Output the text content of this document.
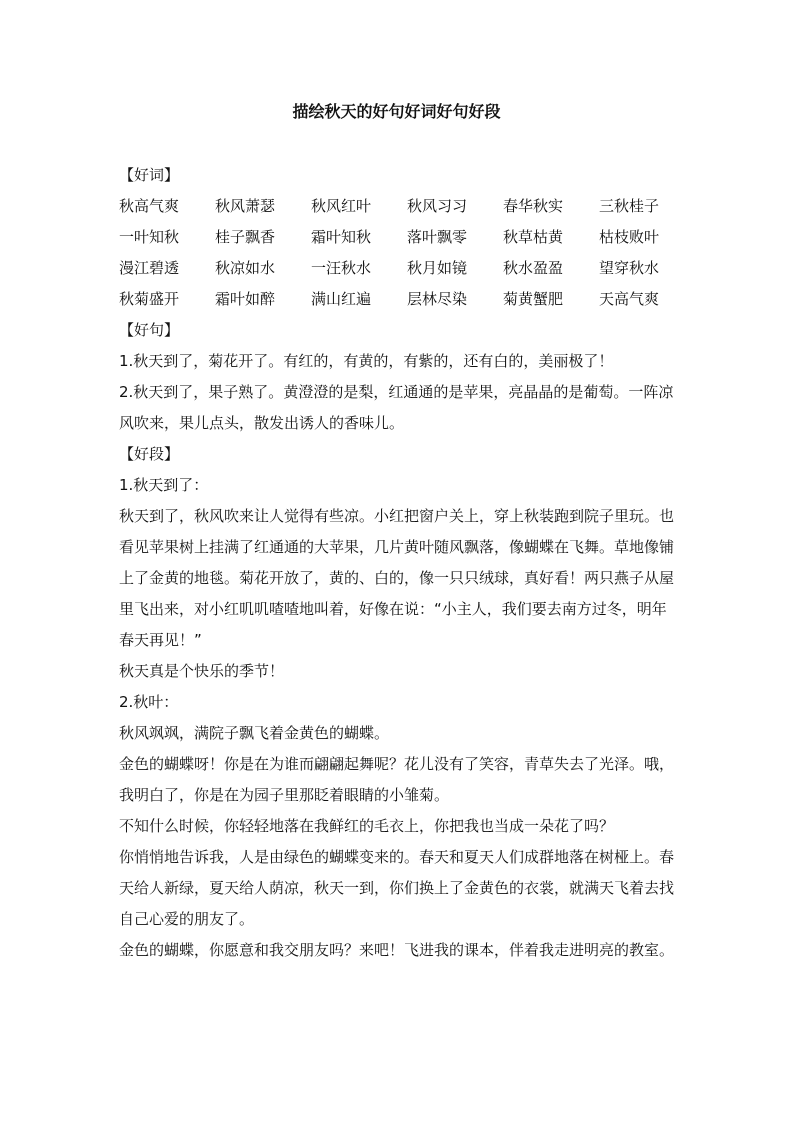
描绘秋天的好句好词好句好段
【好词】
秋高气爽	秋风萧瑟	秋风红叶	秋风习习	春华秋实	三秋桂子
一叶知秋	桂子飘香	霜叶知秋	落叶飘零	秋草枯黄	枯枝败叶
漫江碧透	秋凉如水	一汪秋水	秋月如镜	秋水盈盈	望穿秋水
秋菊盛开	霜叶如醉	满山红遍	层林尽染	菊黄蟹肥	天高气爽
【好句】

1.秋天到了，菊花开了。有红的，有黄的，有紫的，还有白的，美丽极了！

2.秋天到了，果子熟了。黄澄澄的是梨，红通通的是苹果，亮晶晶的是葡萄。一阵凉风吹来，果儿点头，散发出诱人的香味儿。

【好段】

1.秋天到了：

秋天到了，秋风吹来让人觉得有些凉。小红把窗户关上，穿上秋装跑到院子里玩。也看见苹果树上挂满了红通通的大苹果，几片黄叶随风飘落，像蝴蝶在飞舞。草地像铺上了金黄的地毯。菊花开放了，黄的、白的，像一只只绒球，真好看！两只燕子从屋里飞出来，对小红叽叽喳喳地叫着，好像在说：“小主人，我们要去南方过冬，明年春天再见！”

秋天真是个快乐的季节！

2.秋叶：

秋风飒飒，满院子飘飞着金黄色的蝴蝶。

金色的蝴蝶呀！你是在为谁而翩翩起舞呢？花儿没有了笑容，青草失去了光泽。哦，我明白了，你是在为园子里那眨着眼睛的小雏菊。

不知什么时候，你轻轻地落在我鲜红的毛衣上，你把我也当成一朵花了吗？

你悄悄地告诉我，人是由绿色的蝴蝶变来的。春天和夏天人们成群地落在树桠上。春天给人新绿，夏天给人荫凉，秋天一到，你们换上了金黄色的衣裳，就满天飞着去找自己心爱的朋友了。

金色的蝴蝶，你愿意和我交朋友吗？来吧！飞进我的课本，伴着我走进明亮的教室。
